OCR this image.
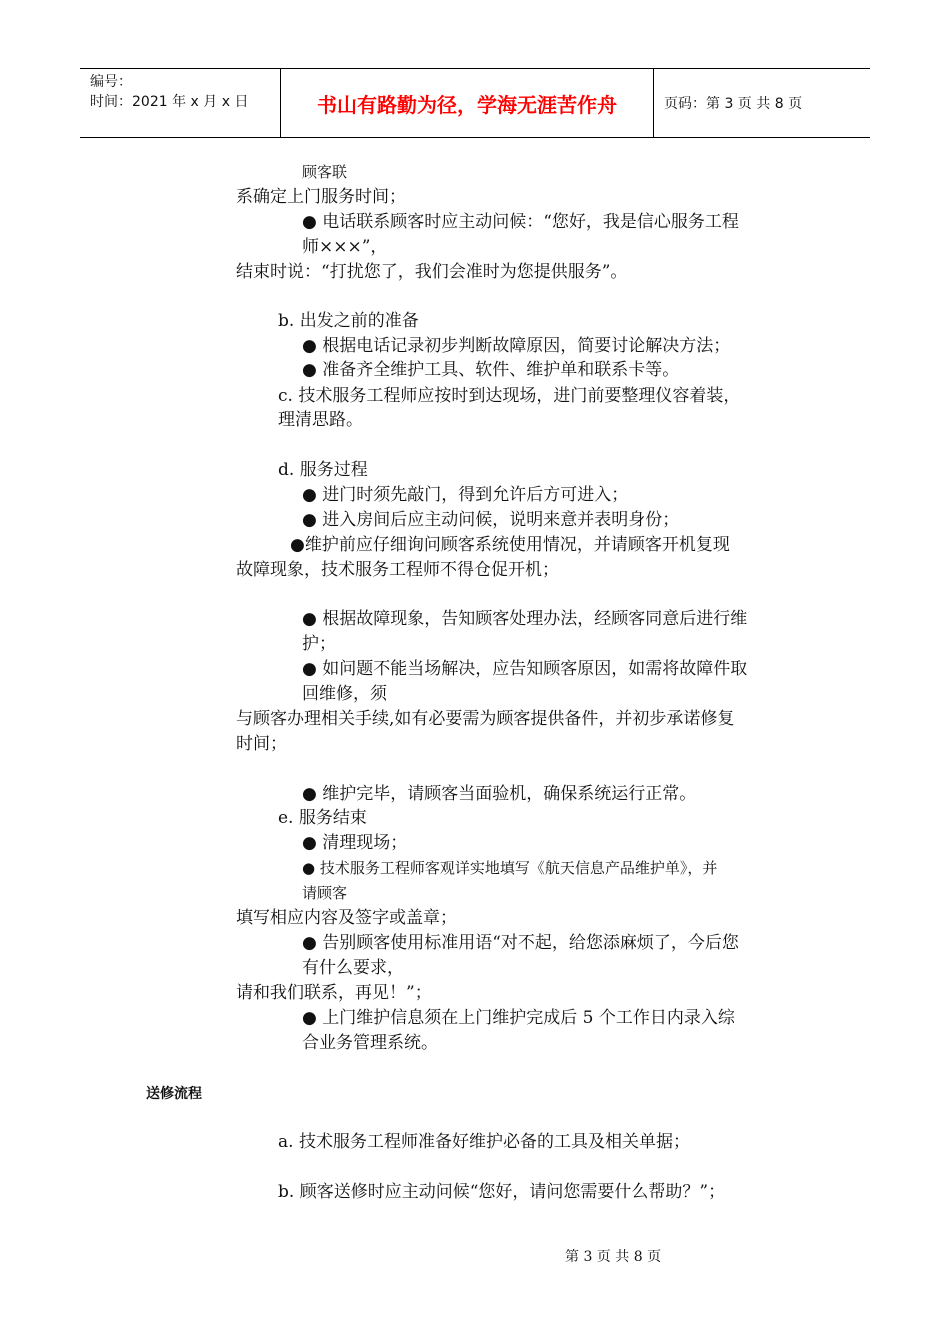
编号：
时间：2021 年 x 月 x 日	书山有路勤为径，学海无涯苦作舟	页码：第 3 页 共 8 页
顾客联
系确定上门服务时间；
● 电话联系顾客时应主动问候：“您好，我是信心服务工程
师×××”，
结束时说：“打扰您了，我们会准时为您提供服务”。
b. 出发之前的准备
● 根据电话记录初步判断故障原因，简要讨论解决方法；
● 准备齐全维护工具、软件、维护单和联系卡等。
c. 技术服务工程师应按时到达现场，进门前要整理仪容着装，
理清思路。
d. 服务过程
● 进门时须先敲门，得到允许后方可进入；
● 进入房间后应主动问候，说明来意并表明身份；
●维护前应仔细询问顾客系统使用情况，并请顾客开机复现
故障现象，技术服务工程师不得仓促开机；
● 根据故障现象，告知顾客处理办法，经顾客同意后进行维
护；
● 如问题不能当场解决，应告知顾客原因，如需将故障件取
回维修，须
与顾客办理相关手续,如有必要需为顾客提供备件，并初步承诺修复
时间；
● 维护完毕，请顾客当面验机，确保系统运行正常。
e. 服务结束
● 清理现场；
● 技术服务工程师客观详实地填写《航天信息产品维护单》，并
请顾客
填写相应内容及签字或盖章；
● 告别顾客使用标准用语“对不起，给您添麻烦了，今后您
有什么要求，
请和我们联系，再见！”；
● 上门维护信息须在上门维护完成后 5 个工作日内录入综
合业务管理系统。
送修流程
a. 技术服务工程师准备好维护必备的工具及相关单据；
b. 顾客送修时应主动问候“您好，请问您需要什么帮助？”；
第 3 页 共 8 页
